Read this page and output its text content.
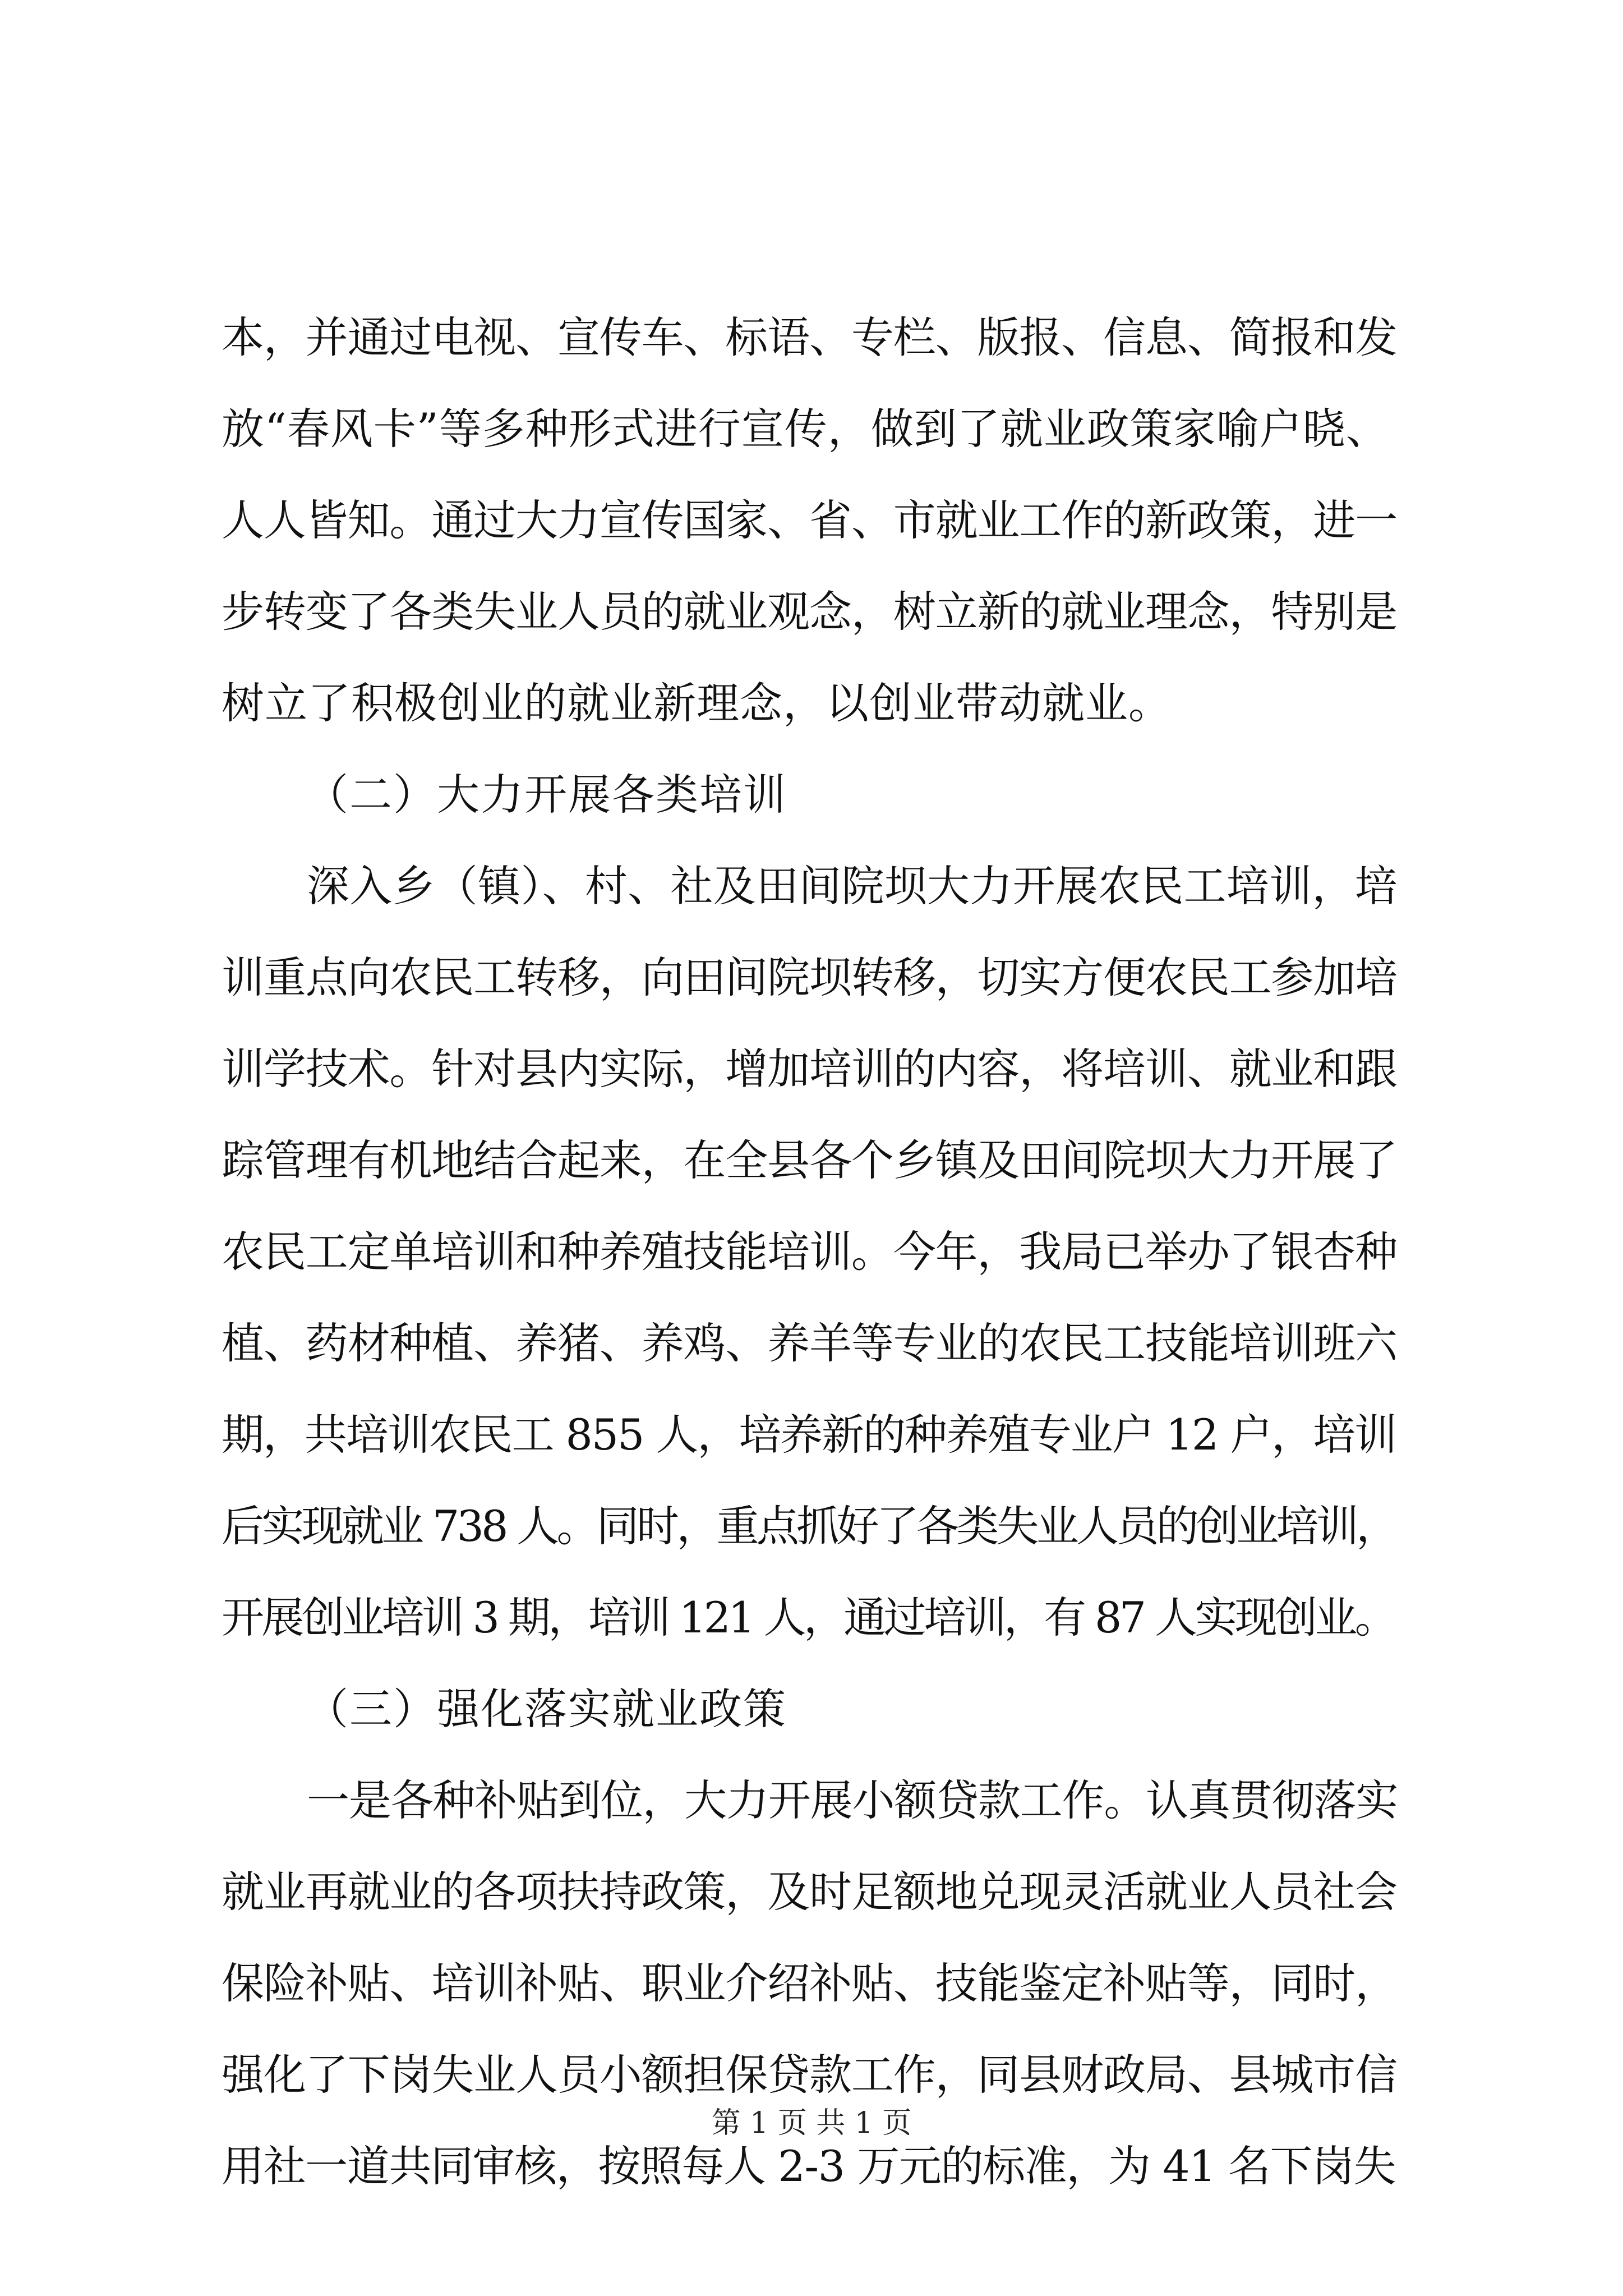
本，并通过电视、宣传车、标语、专栏、版报、信息、简报和发
放“春风卡”等多种形式进行宣传，做到了就业政策家喻户晓、
人人皆知。通过大力宣传国家、省、市就业工作的新政策，进一
步转变了各类失业人员的就业观念，树立新的就业理念，特别是
树立了积极创业的就业新理念，以创业带动就业。
（二）大力开展各类培训
深入乡（镇）、村、社及田间院坝大力开展农民工培训，培
训重点向农民工转移，向田间院坝转移，切实方便农民工参加培
训学技术。针对县内实际，增加培训的内容，将培训、就业和跟
踪管理有机地结合起来，在全县各个乡镇及田间院坝大力开展了
农民工定单培训和种养殖技能培训。今年，我局已举办了银杏种
植、药材种植、养猪、养鸡、养羊等专业的农民工技能培训班六
期，共培训农民工 855 人，培养新的种养殖专业户 12 户，培训
后实现就业 738 人。同时，重点抓好了各类失业人员的创业培训，
开展创业培训 3 期，培训 121 人，通过培训，有 87 人实现创业。
（三）强化落实就业政策
一是各种补贴到位，大力开展小额贷款工作。认真贯彻落实
就业再就业的各项扶持政策，及时足额地兑现灵活就业人员社会
保险补贴、培训补贴、职业介绍补贴、技能鉴定补贴等，同时，
强化了下岗失业人员小额担保贷款工作，同县财政局、县城市信
用社一道共同审核，按照每人 2-3 万元的标准，为 41 名下岗失
第 1 页 共 1 页
